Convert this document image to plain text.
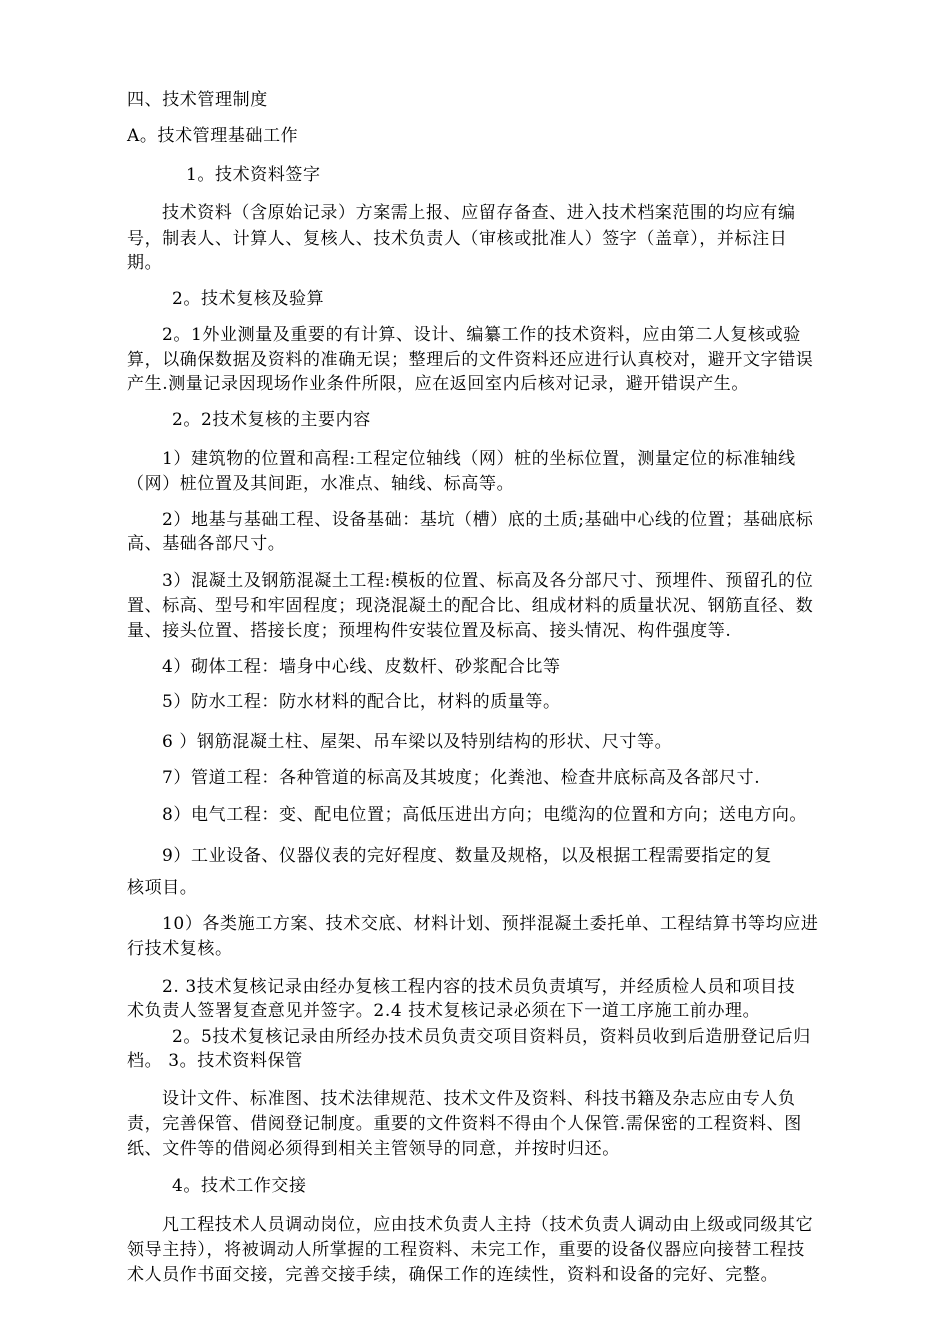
四、技术管理制度

A。技术管理基础工作

1。技术资料签字

技术资料（含原始记录）方案需上报、应留存备查、进入技术档案范围的均应有编

号，制表人、计算人、复核人、技术负责人（审核或批准人）签字（盖章），并标注日

期。

2。技术复核及验算

2。1外业测量及重要的有计算、设计、编纂工作的技术资料，应由第二人复核或验

算，以确保数据及资料的准确无误；整理后的文件资料还应进行认真校对，避开文字错误

产生.测量记录因现场作业条件所限，应在返回室内后核对记录，避开错误产生。

2。2技术复核的主要内容

1）建筑物的位置和高程:工程定位轴线（网）桩的坐标位置，测量定位的标准轴线

（网）桩位置及其间距，水准点、轴线、标高等。

2）地基与基础工程、设备基础：基坑（槽）底的土质;基础中心线的位置；基础底标

高、基础各部尺寸。

3）混凝土及钢筋混凝土工程:模板的位置、标高及各分部尺寸、预埋件、预留孔的位

置、标高、型号和牢固程度；现浇混凝土的配合比、组成材料的质量状况、钢筋直径、数

量、接头位置、搭接长度；预埋构件安装位置及标高、接头情况、构件强度等.

4）砌体工程：墙身中心线、皮数杆、砂浆配合比等

5）防水工程：防水材料的配合比，材料的质量等。

6 ）钢筋混凝土柱、屋架、吊车梁以及特别结构的形状、尺寸等。

7）管道工程：各种管道的标高及其坡度；化粪池、检查井底标高及各部尺寸.

8）电气工程：变、配电位置；高低压进出方向；电缆沟的位置和方向；送电方向。

9）工业设备、仪器仪表的完好程度、数量及规格，以及根据工程需要指定的复

核项目。

10）各类施工方案、技术交底、材料计划、预拌混凝土委托单、工程结算书等均应进

行技术复核。

2. 3技术复核记录由经办复核工程内容的技术员负责填写，并经质检人员和项目技

术负责人签署复查意见并签字。2.4 技术复核记录必须在下一道工序施工前办理。

2。5技术复核记录由所经办技术员负责交项目资料员，资料员收到后造册登记后归

档。 3。技术资料保管

设计文件、标准图、技术法律规范、技术文件及资料、科技书籍及杂志应由专人负

责，完善保管、借阅登记制度。重要的文件资料不得由个人保管.需保密的工程资料、图

纸、文件等的借阅必须得到相关主管领导的同意，并按时归还。

4。技术工作交接

凡工程技术人员调动岗位，应由技术负责人主持（技术负责人调动由上级或同级其它

领导主持），将被调动人所掌握的工程资料、未完工作，重要的设备仪器应向接替工程技

术人员作书面交接，完善交接手续，确保工作的连续性，资料和设备的完好、完整。
